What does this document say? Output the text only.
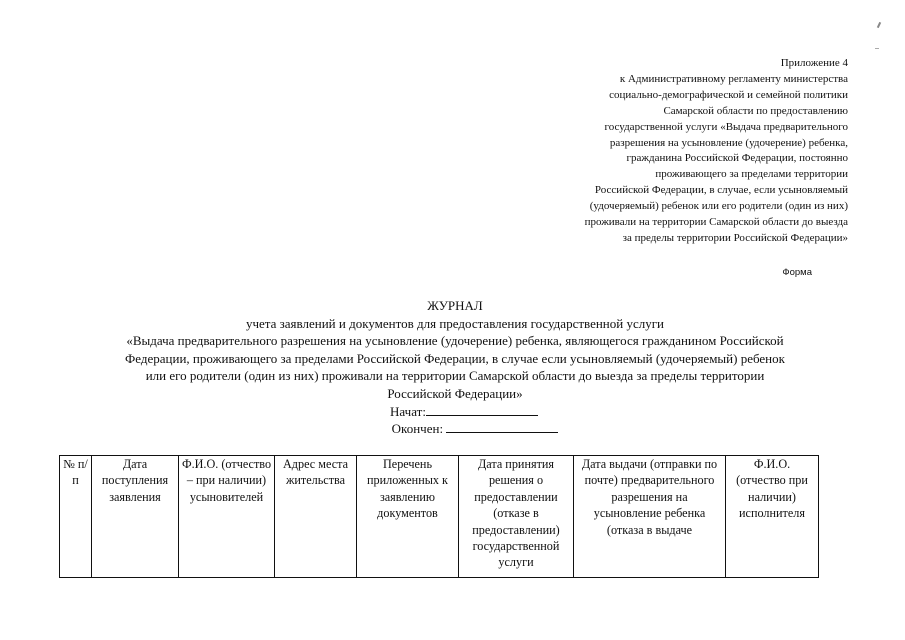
Приложение 4
к Административному регламенту министерства
социально-демографической и семейной политики
Самарской области по предоставлению
государственной услуги «Выдача предварительного
разрешения на усыновление (удочерение) ребенка,
гражданина Российской Федерации, постоянно
проживающего за пределами территории
Российской Федерации, в случае, если усыновляемый
(удочеряемый) ребенок или его родители (один из них)
проживали на территории Самарской области до выезда
за пределы территории Российской Федерации»
Форма
ЖУРНАЛ
учета заявлений и документов для предоставления государственной услуги
«Выдача предварительного разрешения на усыновление (удочерение) ребенка, являющегося гражданином Российской
Федерации, проживающего за пределами Российской Федерации, в случае если усыновляемый (удочеряемый) ребенок
или его родители (один из них) проживали на территории Самарской области до выезда за пределы территории
Российской Федерации»
Начат:
Окончен:
№ п/п	Дата поступления заявления	Ф.И.О. (отчество – при наличии) усыновителей	Адрес места жительства	Перечень приложенных к заявлению документов	Дата принятия решения о предоставлении (отказе в предоставлении) государственной услуги	Дата выдачи (отправки по почте) предварительного разрешения на усыновление ребенка (отказа в выдаче	Ф.И.О. (отчество при наличии) исполнителя
